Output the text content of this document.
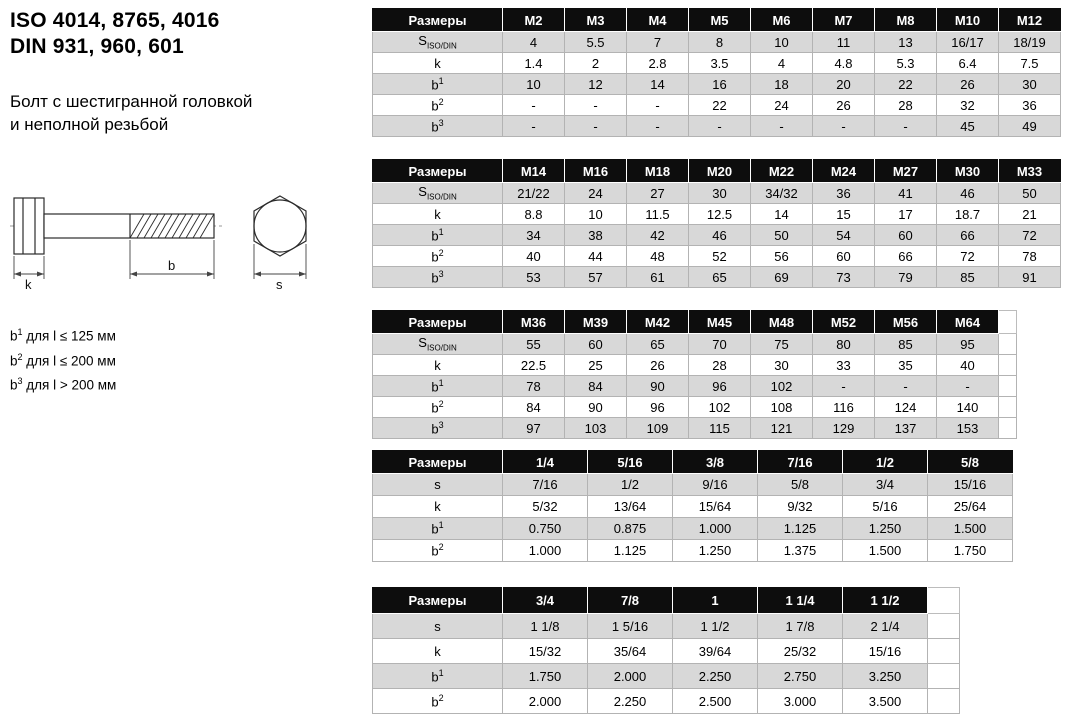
ISO 4014, 8765, 4016
DIN 931, 960, 601

Болт с шестигранной головкой
и неполной резьбой

k
b
s
$b^1$ для l ≤ 125 мм
$b^2$ для l ≤ 200 мм
$b^3$ для l > 200 мм
Размеры	M2	M3	M4	M5	M6	M7	M8	M10	M12
$S_{ISO/DIN}$	4	5.5	7	8	10	11	13	16/17	18/19
k	1.4	2	2.8	3.5	4	4.8	5.3	6.4	7.5
$b^1$	10	12	14	16	18	20	22	26	30
$b^2$	-	-	-	22	24	26	28	32	36
$b^3$	-	-	-	-	-	-	-	45	49
Размеры	M14	M16	M18	M20	M22	M24	M27	M30	M33
$S_{ISO/DIN}$	21/22	24	27	30	34/32	36	41	46	50
k	8.8	10	11.5	12.5	14	15	17	18.7	21
$b^1$	34	38	42	46	50	54	60	66	72
$b^2$	40	44	48	52	56	60	66	72	78
$b^3$	53	57	61	65	69	73	79	85	91
Размеры	M36	M39	M42	M45	M48	M52	M56	M64	
$S_{ISO/DIN}$	55	60	65	70	75	80	85	95	
k	22.5	25	26	28	30	33	35	40	
$b^1$	78	84	90	96	102	-	-	-	
$b^2$	84	90	96	102	108	116	124	140	
$b^3$	97	103	109	115	121	129	137	153	
Размеры	1/4	5/16	3/8	7/16	1/2	5/8
s	7/16	1/2	9/16	5/8	3/4	15/16
k	5/32	13/64	15/64	9/32	5/16	25/64
$b^1$	0.750	0.875	1.000	1.125	1.250	1.500
$b^2$	1.000	1.125	1.250	1.375	1.500	1.750
Размеры	3/4	7/8	1	1 1/4	1 1/2	
s	1 1/8	1 5/16	1 1/2	1 7/8	2 1/4	
k	15/32	35/64	39/64	25/32	15/16	
$b^1$	1.750	2.000	2.250	2.750	3.250	
$b^2$	2.000	2.250	2.500	3.000	3.500	
